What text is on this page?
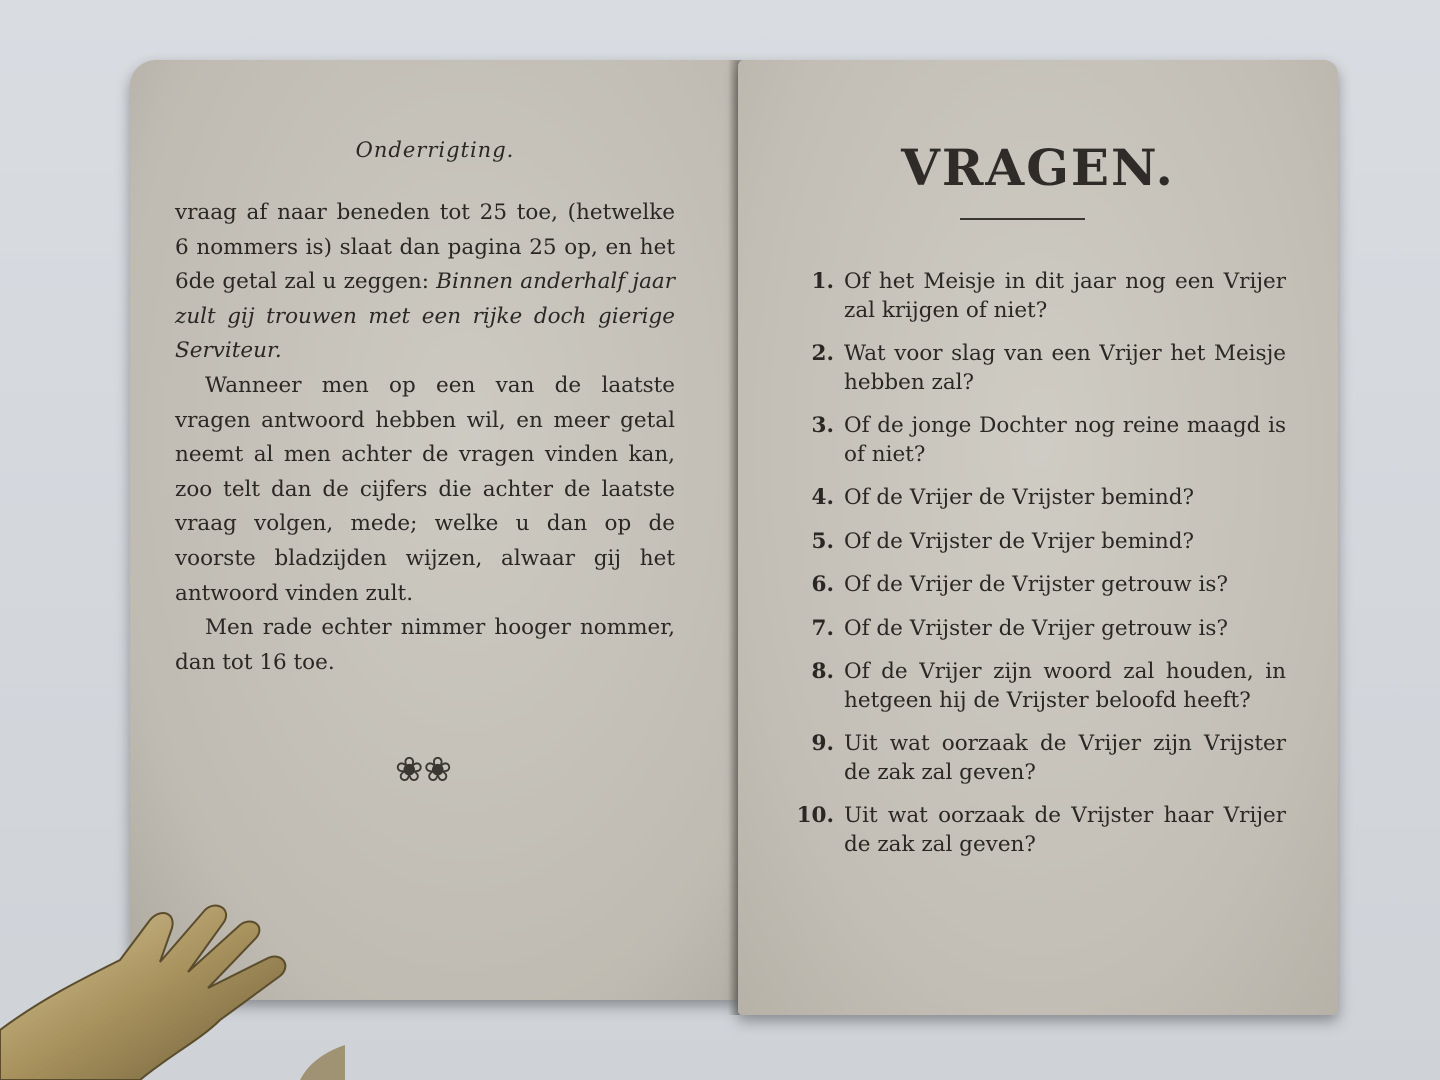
Onderrigting.

vraag af naar beneden tot 25 toe, (hetwelke 6 nommers is) slaat dan pagina 25 op, en het 6de getal zal u zeggen: Binnen anderhalf jaar zult gij trouwen met een rijke doch gierige Serviteur.

Wanneer men op een van de laatste vragen antwoord hebben wil, en meer getal neemt al men achter de vragen vinden kan, zoo telt dan de cijfers die achter de laatste vraag volgen, mede; welke u dan op de voorste bladzijden wijzen, alwaar gij het antwoord vinden zult.

Men rade echter nimmer hooger nommer, dan tot 16 toe.

❀❀
VRAGEN.
1. Of het Meisje in dit jaar nog een Vrijer zal krijgen of niet?
2. Wat voor slag van een Vrijer het Meisje hebben zal?
3. Of de jonge Dochter nog reine maagd is of niet?
4. Of de Vrijer de Vrijster bemind?
5. Of de Vrijster de Vrijer bemind?
6. Of de Vrijer de Vrijster getrouw is?
7. Of de Vrijster de Vrijer getrouw is?
8. Of de Vrijer zijn woord zal houden, in hetgeen hij de Vrijster beloofd heeft?
9. Uit wat oorzaak de Vrijer zijn Vrijster de zak zal geven?
10. Uit wat oorzaak de Vrijster haar Vrijer de zak zal geven?
